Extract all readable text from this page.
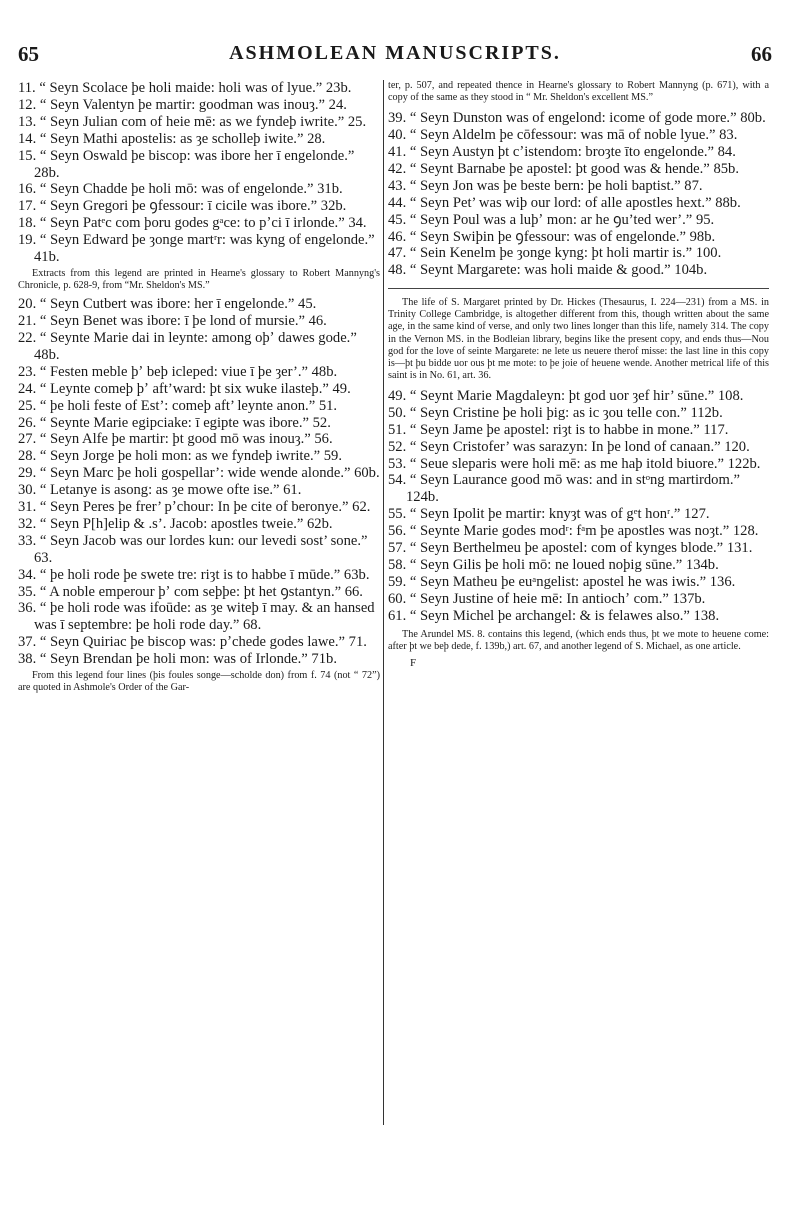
65	ASHMOLEAN MANUSCRIPTS.	66

11. “ Seyn Scolace þe holi maide: holi was of lyue.” 23b.

12. “ Seyn Valentyn þe martir: goodman was inouȝ.” 24.

13. “ Seyn Julian com of heie mē: as we fyndeþ iwrite.” 25.

14. “ Seyn Mathi apostelis: as ȝe scholleþ iwite.” 28.

15. “ Seyn Oswald þe biscop: was ibore her ī engelonde.” 28b.

16. “ Seyn Chadde þe holi mō: was of engelonde.” 31b.

17. “ Seyn Gregori þe ꝯfessour: ī cicile was ibore.” 32b.

18. “ Seyn Patᵉc com þoru godes gᵃce: to pʼci ī irlonde.” 34.

19. “ Seyn Edward þe ȝonge martʳr: was kyng of engelonde.” 41b.

Extracts from this legend are printed in Hearne's glossary to Robert Mannyng's Chronicle, p. 628-9, from “Mr. Sheldon's MS.”

20. “ Seyn Cutbert was ibore: her ī engelonde.” 45.

21. “ Seyn Benet was ibore: ī þe lond of mursie.” 46.

22. “ Seynte Marie dai in leynte: among oþʼ dawes gode.” 48b.

23. “ Festen meble þʼ beþ icleped: viue ī þe ȝer’.” 48b.

24. “ Leynte comeþ þʼ aft’ward: þt six wuke ilasteþ.” 49.

25. “ þe holi feste of Est’: comeþ aft’ leynte anon.” 51.

26. “ Seynte Marie egipciake: ī egipte was ibore.” 52.

27. “ Seyn Alfe þe martir: þt good mō was inouȝ.” 56.

28. “ Seyn Jorge þe holi mon: as we fyndeþ iwrite.” 59.

29. “ Seyn Marc þe holi gospellar’: wide wende alonde.” 60b.

30. “ Letanye is asong: as ȝe mowe ofte ise.” 61.

31. “ Seyn Peres þe frer’ pʼchour: In þe cite of beronye.” 62.

32. “ Seyn P[h]elip & .s’. Jacob: apostles tweie.” 62b.

33. “ Seyn Jacob was our lordes kun: our levedi sost’ sone.” 63.

34. “ þe holi rode þe swete tre: riȝt is to habbe ī mūde.” 63b.

35. “ A noble emperour þʼ com seþþe: þt het ꝯstantyn.” 66.

36. “ þe holi rode was ifoūde: as ȝe witeþ ī may. & an hansed was ī septembre: þe holi rode day.” 68.

37. “ Seyn Quiriac þe biscop was: pʼchede godes lawe.” 71.

38. “ Seyn Brendan þe holi mon: was of Irlonde.” 71b.

From this legend four lines (þis foules songe—scholde don) from f. 74 (not “ 72”) are quoted in Ashmole's Order of the Gar-

ter, p. 507, and repeated thence in Hearne's glossary to Robert Mannyng (p. 671), with a copy of the same as they stood in “ Mr. Sheldon's excellent MS.”

39. “ Seyn Dunston was of engelond: icome of gode more.” 80b.

40. “ Seyn Aldelm þe cōfessour: was mā of noble lyue.” 83.

41. “ Seyn Austyn þt cʼistendom: broȝte īto engelonde.” 84.

42. “ Seynt Barnabe þe apostel: þt good was & hende.” 85b.

43. “ Seyn Jon was þe beste bern: þe holi baptist.” 87.

44. “ Seyn Pet’ was wiþ our lord: of alle apostles hext.” 88b.

45. “ Seyn Poul was a luþʼ mon: ar he ꝯu’ted wer’.” 95.

46. “ Seyn Swiþin þe ꝯfessour: was of engelonde.” 98b.

47. “ Sein Kenelm þe ȝonge kyng: þt holi martir is.” 100.

48. “ Seynt Margarete: was holi maide & good.” 104b.

The life of S. Margaret printed by Dr. Hickes (Thesaurus, I. 224—231) from a MS. in Trinity College Cambridge, is altogether different from this, though written about the same age, in the same kind of verse, and only two lines longer than this life, namely 314. The copy in the Vernon MS. in the Bodleian library, begins like the present copy, and ends thus—Nou god for the love of seinte Margarete: ne lete us neuere therof misse: the last line in this copy is—þt þu bidde uor ous þt me mote: to þe joie of heuene wende. Another metrical life of this saint is in No. 61, art. 36.

49. “ Seynt Marie Magdaleyn: þt god uor ȝef hir’ sūne.” 108.

50. “ Seyn Cristine þe holi þig: as ic ȝou telle con.” 112b.

51. “ Seyn Jame þe apostel: riȝt is to habbe in mone.” 117.

52. “ Seyn Cristofer’ was sarazyn: In þe lond of canaan.” 120.

53. “ Seue sleparis were holi mē: as me haþ itold biuore.” 122b.

54. “ Seyn Laurance good mō was: and in stᵒng martirdom.” 124b.

55. “ Seyn Ipolit þe martir: knyȝt was of gᵉt honʳ.” 127.

56. “ Seynte Marie godes modʳ: fᵃm þe apostles was noȝt.” 128.

57. “ Seyn Berthelmeu þe apostel: com of kynges blode.” 131.

58. “ Seyn Gilis þe holi mō: ne loued noþig sūne.” 134b.

59. “ Seyn Matheu þe euᵃngelist: apostel he was iwis.” 136.

60. “ Seyn Justine of heie mē: In antiochʼ com.” 137b.

61. “ Seyn Michel þe archangel: & is felawes also.” 138.

The Arundel MS. 8. contains this legend, (which ends thus, þt we mote to heuene come: after þt we beþ dede, f. 139b,) art. 67, and another legend of S. Michael, as one article.

F
